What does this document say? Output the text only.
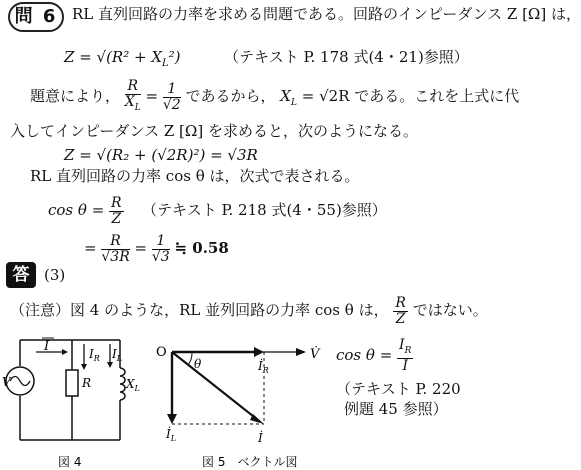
問 6 RL 直列回路の力率を求める問題である。回路のインピーダンス Z [Ω] は，
$Z = √(R^2 + X_L^2)$	（テキスト P. 178 式(4・21)参照）
題意により， $\frac{R}{X_L} = \frac{1}{√2}$ であるから， $X_L = √2R$ である。これを上式に代
入してインピーダンス Z [Ω] を求めると，次のようになる。
Z = √(R₂ + (√2R)²) = √3R
RL 直列回路の力率 cos θ は，次式で表される。
$\cos \theta = \frac{R}{Z}$ （テキスト P. 218 式(4・55)参照）
= $\frac{R}{√3R} = \frac{1}{√3}$ ≒ 0.58
答 (3)
（注意）図 4 のような，RL 並列回路の力率 cos θ は， $\frac{R}{Z}$ ではない。
I	$I_R$ $I_L$
V	R	$X_L$
図 4
O	V̇
$İ_R$
$İ_L$	İ
θ
図 5　ベクトル図
$\cos \theta = \frac{I_R}{I}$
（テキスト P. 220
例題 45 参照）
